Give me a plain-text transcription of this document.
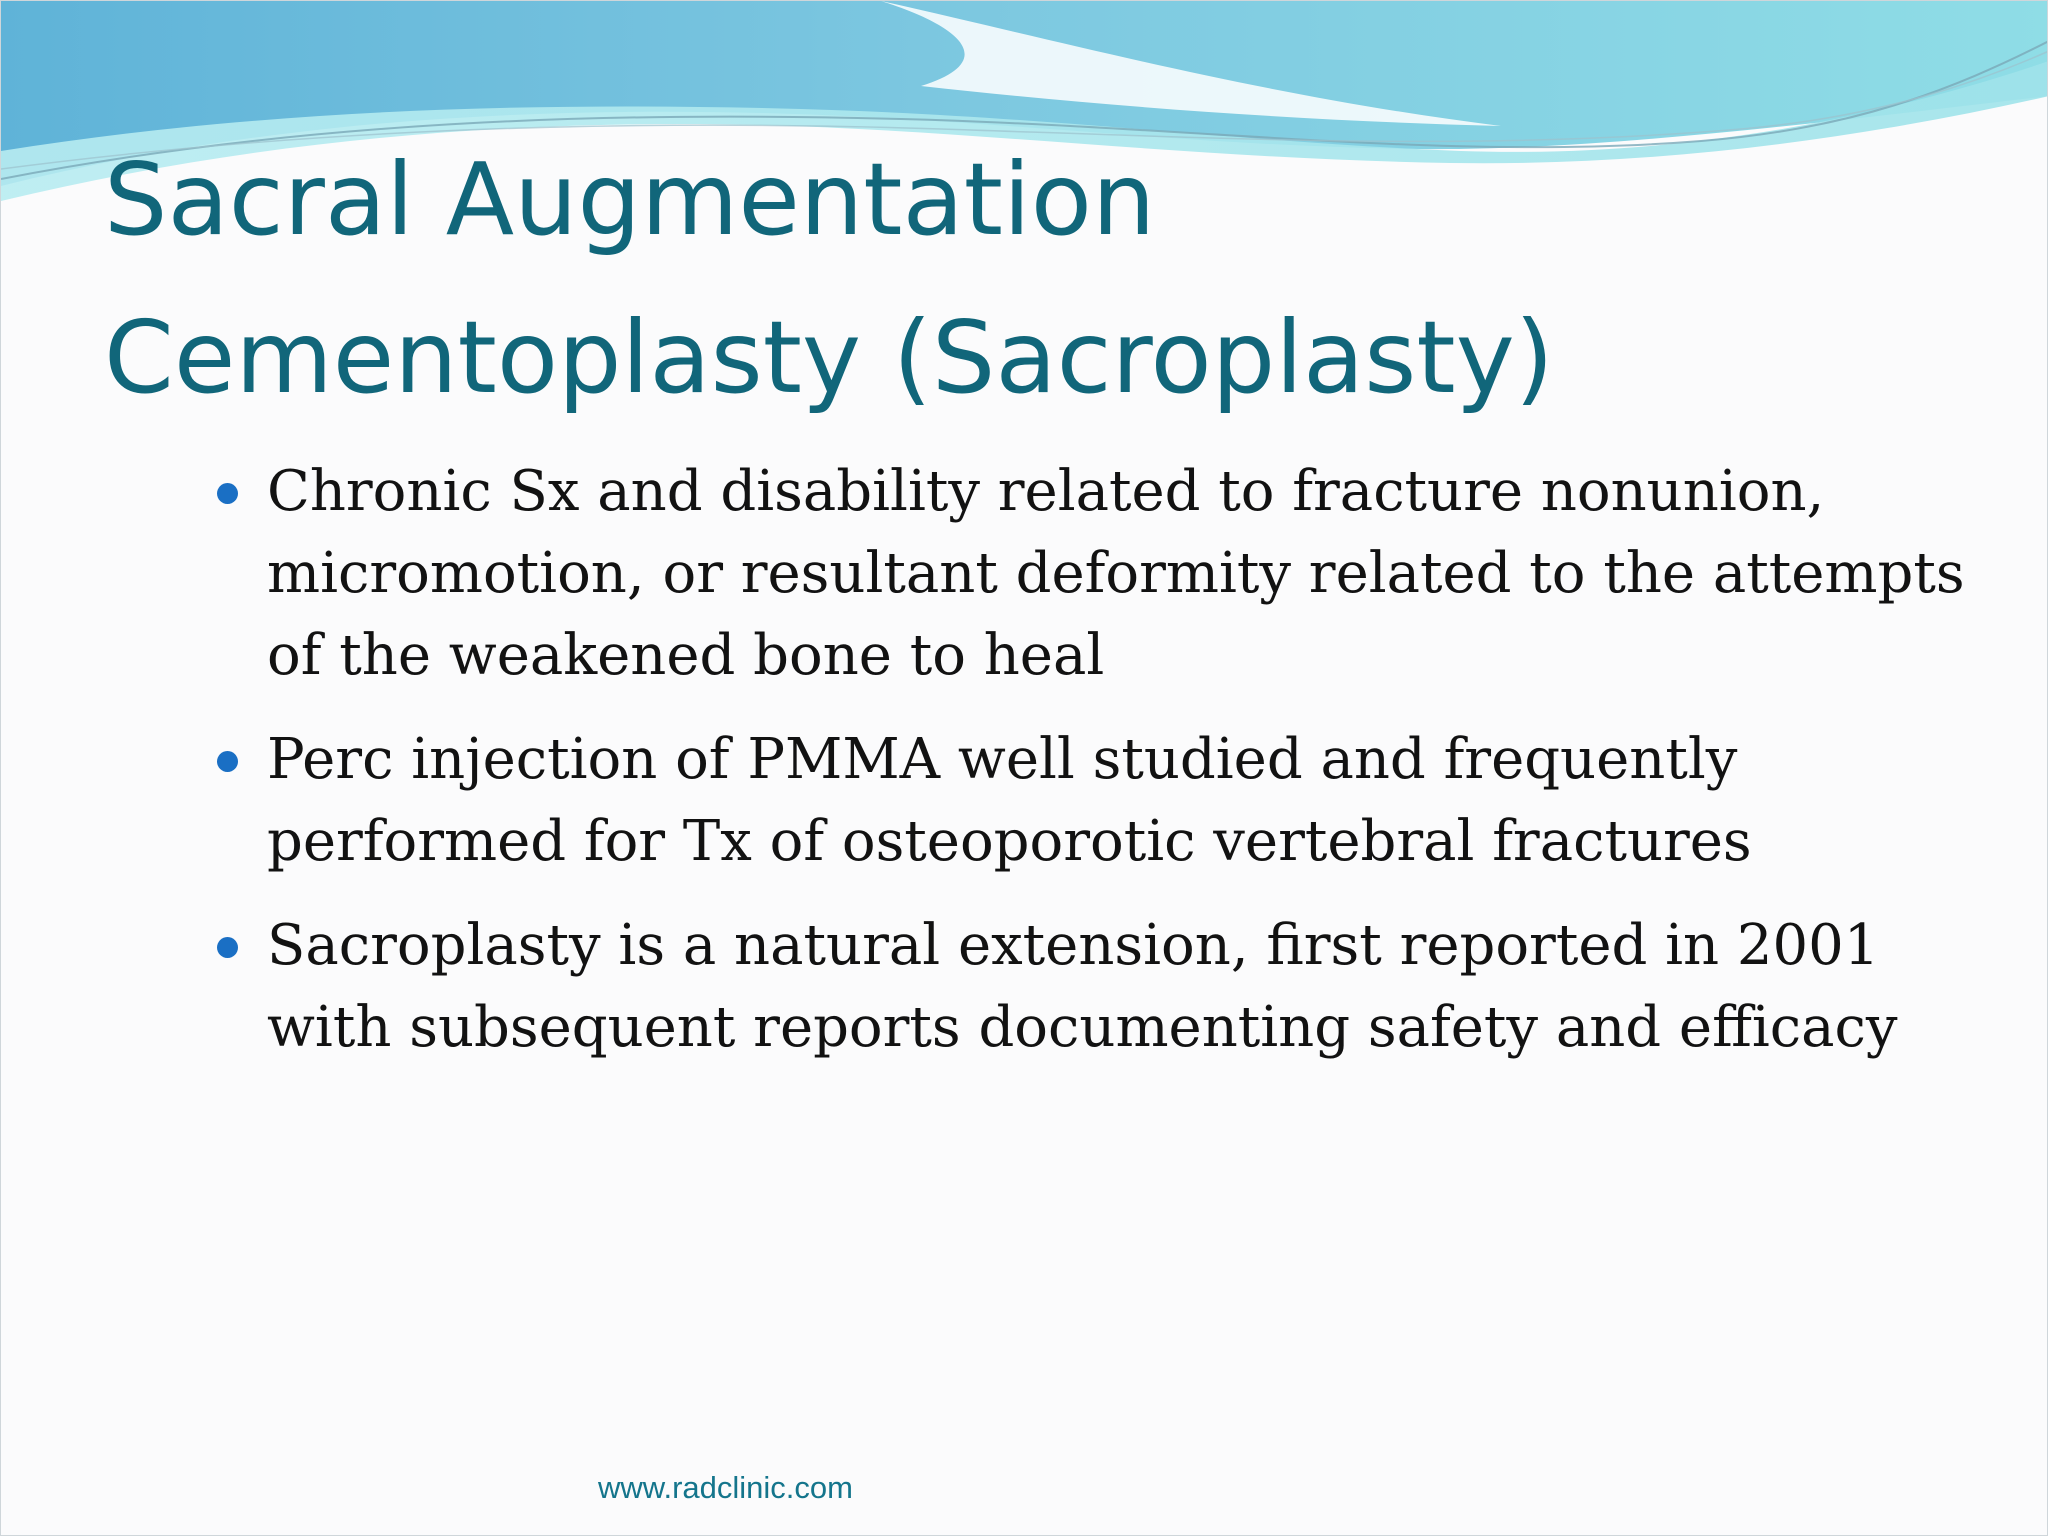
Sacral Augmentation
Cementoplasty (Sacroplasty)
Chronic Sx and disability related to fracture nonunion, micromotion, or resultant deformity related to the attempts of the weakened bone to heal
Perc injection of PMMA well studied and frequently performed for Tx of osteoporotic vertebral fractures
Sacroplasty is a natural extension, first reported in 2001 with subsequent reports documenting safety and efficacy
www.radclinic.com
